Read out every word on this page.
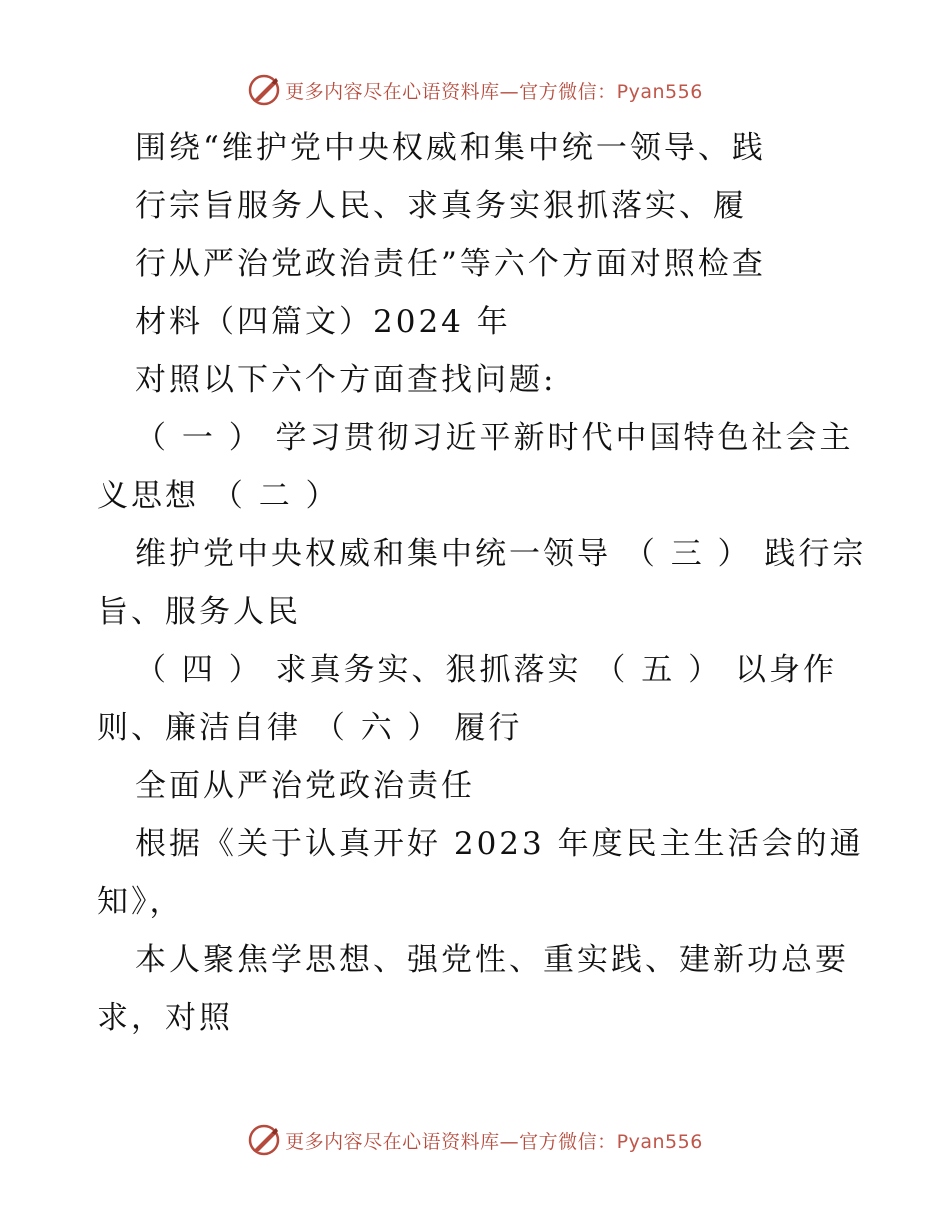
更多内容尽在心语资料库—官方微信：Pyan556
围绕“维护党中央权威和集中统一领导、践
行宗旨服务人民、求真务实狠抓落实、履
行从严治党政治责任”等六个方面对照检查
材料（四篇文）2024 年
对照以下六个方面查找问题:
（ 一 ） 学习贯彻习近平新时代中国特色社会主
义思想 （ 二 ）
维护党中央权威和集中统一领导 （ 三 ） 践行宗
旨、服务人民
（ 四 ） 求真务实、狠抓落实 （ 五 ） 以身作
则、廉洁自律 （ 六 ） 履行
全面从严治党政治责任
根据《关于认真开好 2023 年度民主生活会的通
知》，
本人聚焦学思想、强党性、重实践、建新功总要
求，对照
更多内容尽在心语资料库—官方微信：Pyan556
